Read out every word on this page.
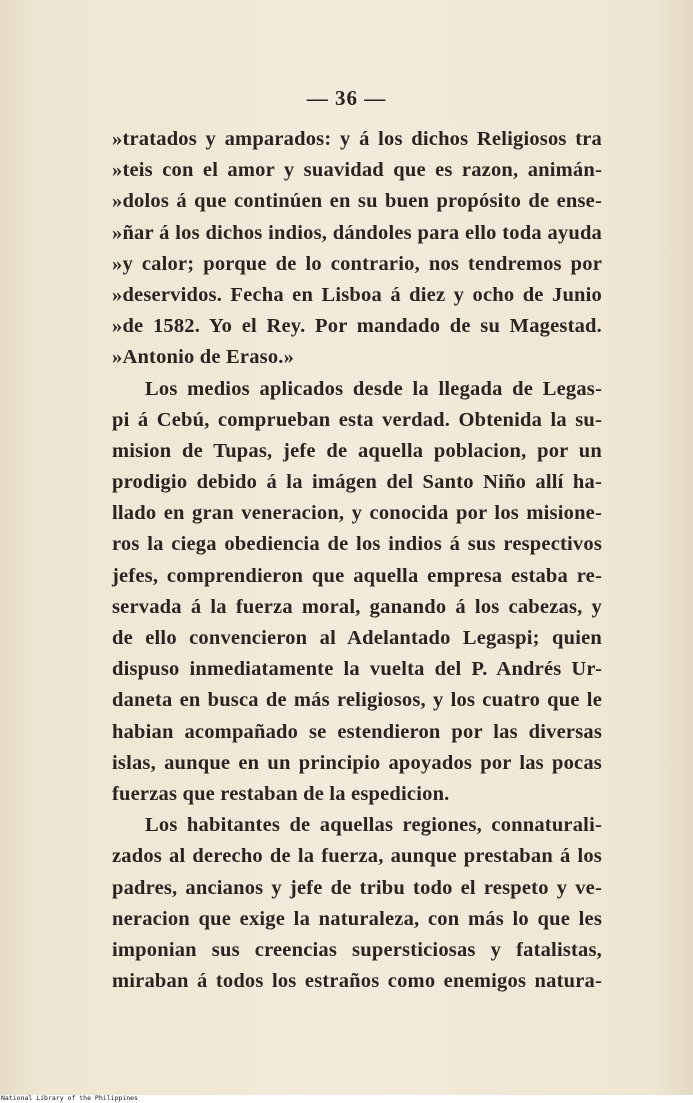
— 36 —
»tratados y amparados: y á los dichos Religiosos tra
»teis con el amor y suavidad que es razon, animán-
»dolos á que continúen en su buen propósito de ense-
»ñar á los dichos indios, dándoles para ello toda ayuda
»y calor; porque de lo contrario, nos tendremos por
»deservidos. Fecha en Lisboa á diez y ocho de Junio
»de 1582. Yo el Rey. Por mandado de su Magestad.
»Antonio de Eraso.»
Los medios aplicados desde la llegada de Legas-
pi á Cebú, comprueban esta verdad. Obtenida la su-
mision de Tupas, jefe de aquella poblacion, por un
prodigio debido á la imágen del Santo Niño allí ha-
llado en gran veneracion, y conocida por los misione-
ros la ciega obediencia de los indios á sus respectivos
jefes, comprendieron que aquella empresa estaba re-
servada á la fuerza moral, ganando á los cabezas, y
de ello convencieron al Adelantado Legaspi; quien
dispuso inmediatamente la vuelta del P. Andrés Ur-
daneta en busca de más religiosos, y los cuatro que le
habian acompañado se estendieron por las diversas
islas, aunque en un principio apoyados por las pocas
fuerzas que restaban de la espedicion.
Los habitantes de aquellas regiones, connaturali-
zados al derecho de la fuerza, aunque prestaban á los
padres, ancianos y jefe de tribu todo el respeto y ve-
neracion que exige la naturaleza, con más lo que les
imponian sus creencias supersticiosas y fatalistas,
miraban á todos los estraños como enemigos natura-
National Library of the Philippines
